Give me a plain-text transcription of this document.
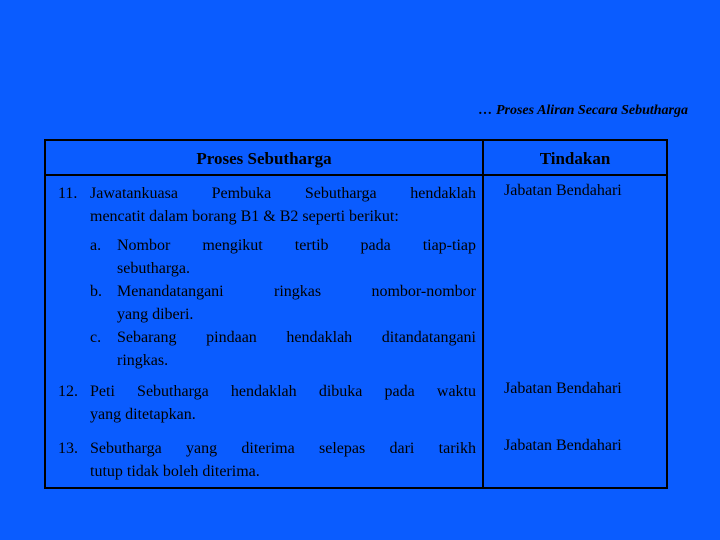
… Proses Aliran Secara Sebutharga
Proses Sebutharga	Tindakan
11. Jawatankuasa Pembuka Sebutharga hendaklah
mencatit dalam borang B1 & B2 seperti berikut:
a. Nombor mengikut tertib pada tiap-tiap
sebutharga.
b. Menandatangani ringkas nombor-nombor
yang diberi.
c. Sebarang pindaan hendaklah ditandatangani
ringkas.
Jabatan Bendahari
12. Peti Sebutharga hendaklah dibuka pada waktu
yang ditetapkan.
Jabatan Bendahari
13. Sebutharga yang diterima selepas dari tarikh
tutup tidak boleh diterima.
Jabatan Bendahari
